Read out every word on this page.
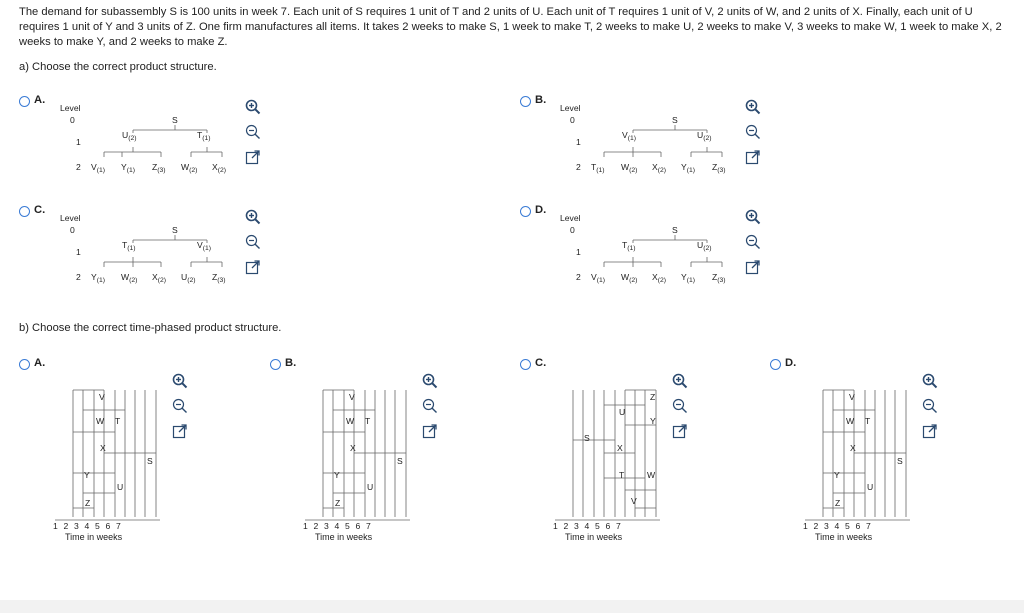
The demand for subassembly S is 100 units in week 7. Each unit of S requires 1 unit of T and 2 units of U. Each unit of T requires 1 unit of V, 2 units of W, and 2 units of X. Finally, each unit of U requires 1 unit of Y and 3 units of Z. One firm manufactures all items. It takes 2 weeks to make S, 1 week to make T, 2 weeks to make U, 2 weeks to make V, 3 weeks to make W, 1 week to make X, 2 weeks to make Y, and 2 weeks to make Z.
a) Choose the correct product structure.
A.	B.
C.	D.
Level
0
1
2
S
$U_{(2)}$	$T_{(1)}$
$V_{(1)}$ $Y_{(1)}$ $Z_{(3)}$ $W_{(2)}$ $X_{(2)}$
Level
0
1
2
S
$V_{(1)}$	$U_{(2)}$
$T_{(1)}$ $W_{(2)}$ $X_{(2)}$ $Y_{(1)}$ $Z_{(3)}$
Level
0
1
2
S
$T_{(1)}$	$V_{(1)}$
$Y_{(1)}$ $W_{(2)}$ $X_{(2)}$ $U_{(2)}$ $Z_{(3)}$
Level
0
1
2
S
$T_{(1)}$	$U_{(2)}$
$V_{(1)}$ $W_{(2)}$ $X_{(2)}$ $Y_{(1)}$ $Z_{(3)}$
b) Choose the correct time-phased product structure.
A.	B.	C.	D.
V
W T
X
S
Y
U
Z
1 2 3 4 5 6 7
Time in weeks
V
W T
X
S
Y
U
Z
1 2 3 4 5 6 7
Time in weeks
Z
U
Y
S
X
T	W
V
1 2 3 4 5 6 7
Time in weeks
V
W T
X
S
Y
U
Z
1 2 3 4 5 6 7
Time in weeks
